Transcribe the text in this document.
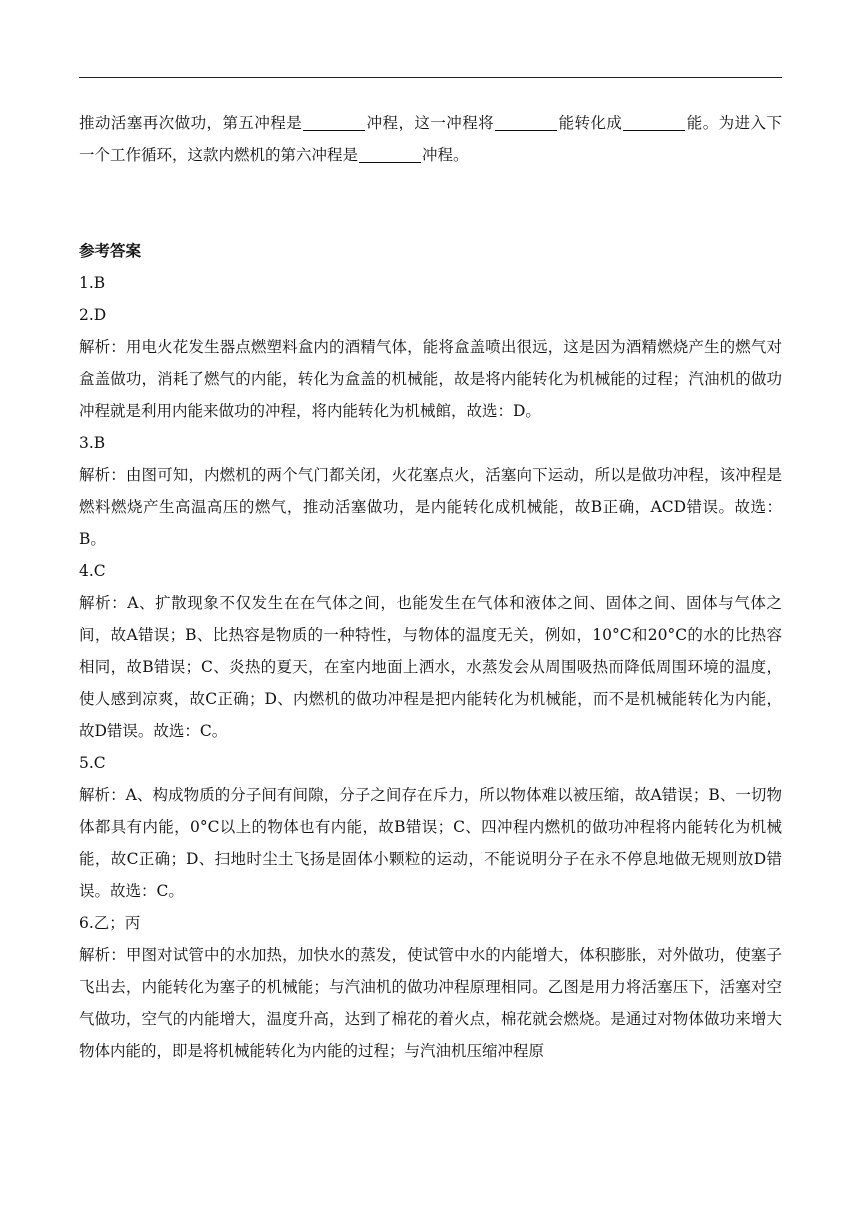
推动活塞再次做功，第五冲程是	冲程，这一冲程将	能转化成	能。为进入下一个工作循环，这款内燃机的第六冲程是	冲程。

参考答案

1.B

2.D

解析：用电火花发生器点燃塑料盒内的酒精气体，能将盒盖喷出很远，这是因为酒精燃烧产生的燃气对盒盖做功，消耗了燃气的内能，转化为盒盖的机械能，故是将内能转化为机械能的过程；汽油机的做功冲程就是利用内能来做功的冲程，将内能转化为机械館，故选：D。

3.B

解析：由图可知，内燃机的两个气门都关闭，火花塞点火，活塞向下运动，所以是做功冲程，该冲程是燃料燃烧产生高温高压的燃气，推动活塞做功，是内能转化成机械能，故B正确，ACD错误。故选：B。

4.C

解析：A、扩散现象不仅发生在在气体之间，也能发生在气体和液体之间、固体之间、固体与气体之间，故A错误；B、比热容是物质的一种特性，与物体的温度无关，例如，10°C和20°C的水的比热容相同，故B错误；C、炎热的夏天，在室内地面上洒水，水蒸发会从周围吸热而降低周围环境的温度，使人感到凉爽，故C正确；D、内燃机的做功冲程是把内能转化为机械能，而不是机械能转化为内能，故D错误。故选：C。

5.C

解析：A、构成物质的分子间有间隙，分子之间存在斥力，所以物体难以被压缩，故A错误；B、一切物体都具有内能，0°C以上的物体也有内能，故B错误；C、四冲程内燃机的做功冲程将内能转化为机械能，故C正确；D、扫地时尘土飞扬是固体小颗粒的运动，不能说明分子在永不停息地做无规则放D错误。故选：C。

6.乙；丙

解析：甲图对试管中的水加热，加快水的蒸发，使试管中水的内能增大，体积膨胀，对外做功，使塞子飞出去，内能转化为塞子的机械能；与汽油机的做功冲程原理相同。乙图是用力将活塞压下，活塞对空气做功，空气的内能增大，温度升高，达到了棉花的着火点，棉花就会燃烧。是通过对物体做功来增大物体内能的，即是将机械能转化为内能的过程；与汽油机压缩冲程原
